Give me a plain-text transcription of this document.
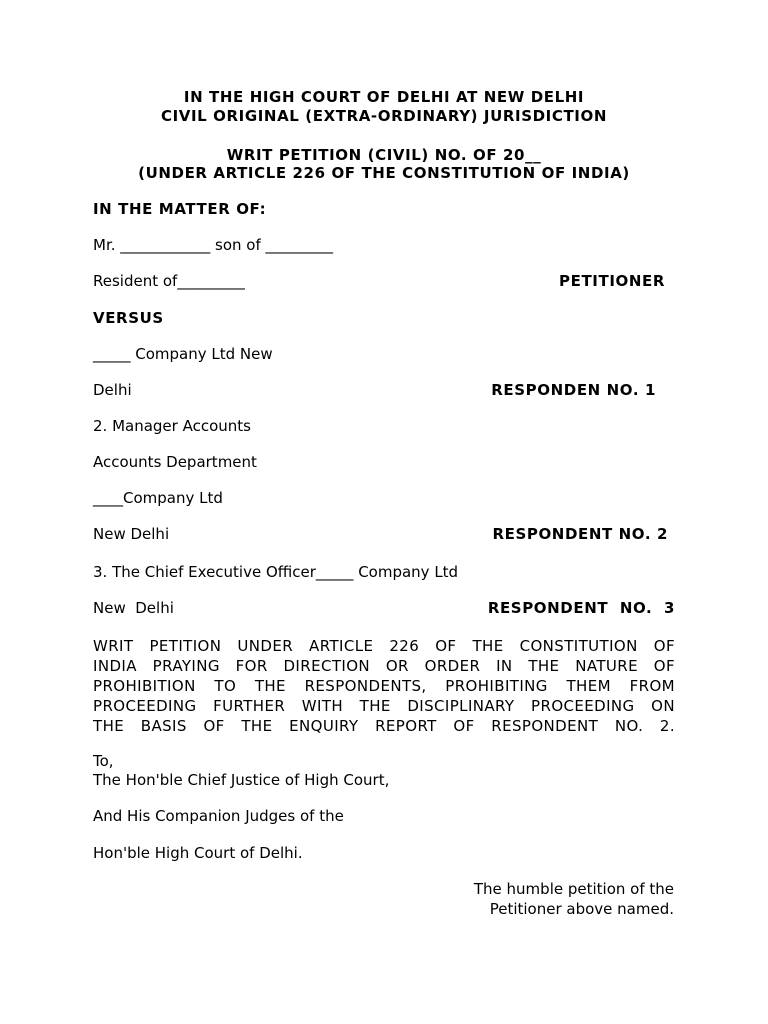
IN THE HIGH COURT OF DELHI AT NEW DELHI
CIVIL ORIGINAL (EXTRA-ORDINARY) JURISDICTION
WRIT PETITION (CIVIL) NO. OF 20__
(UNDER ARTICLE 226 OF THE CONSTITUTION OF INDIA)
IN THE MATTER OF:
Mr. ____________ son of _________
Resident of_________	PETITIONER
VERSUS
_____ Company Ltd New
Delhi	RESPONDEN NO. 1
2. Manager Accounts
Accounts Department
____Company Ltd
New Delhi	RESPONDENT NO. 2
3. The Chief Executive Officer_____ Company Ltd
New  Delhi	RESPONDENT  NO.  3
WRIT PETITION UNDER ARTICLE 226 OF THE CONSTITUTION OF
INDIA PRAYING FOR DIRECTION OR ORDER IN THE NATURE OF
PROHIBITION TO THE RESPONDENTS, PROHIBITING THEM FROM
PROCEEDING FURTHER WITH THE DISCIPLINARY PROCEEDING ON
THE BASIS OF THE ENQUIRY REPORT OF RESPONDENT NO. 2.
To,
The Hon'ble Chief Justice of High Court,
And His Companion Judges of the
Hon'ble High Court of Delhi.
The humble petition of the
Petitioner above named.
